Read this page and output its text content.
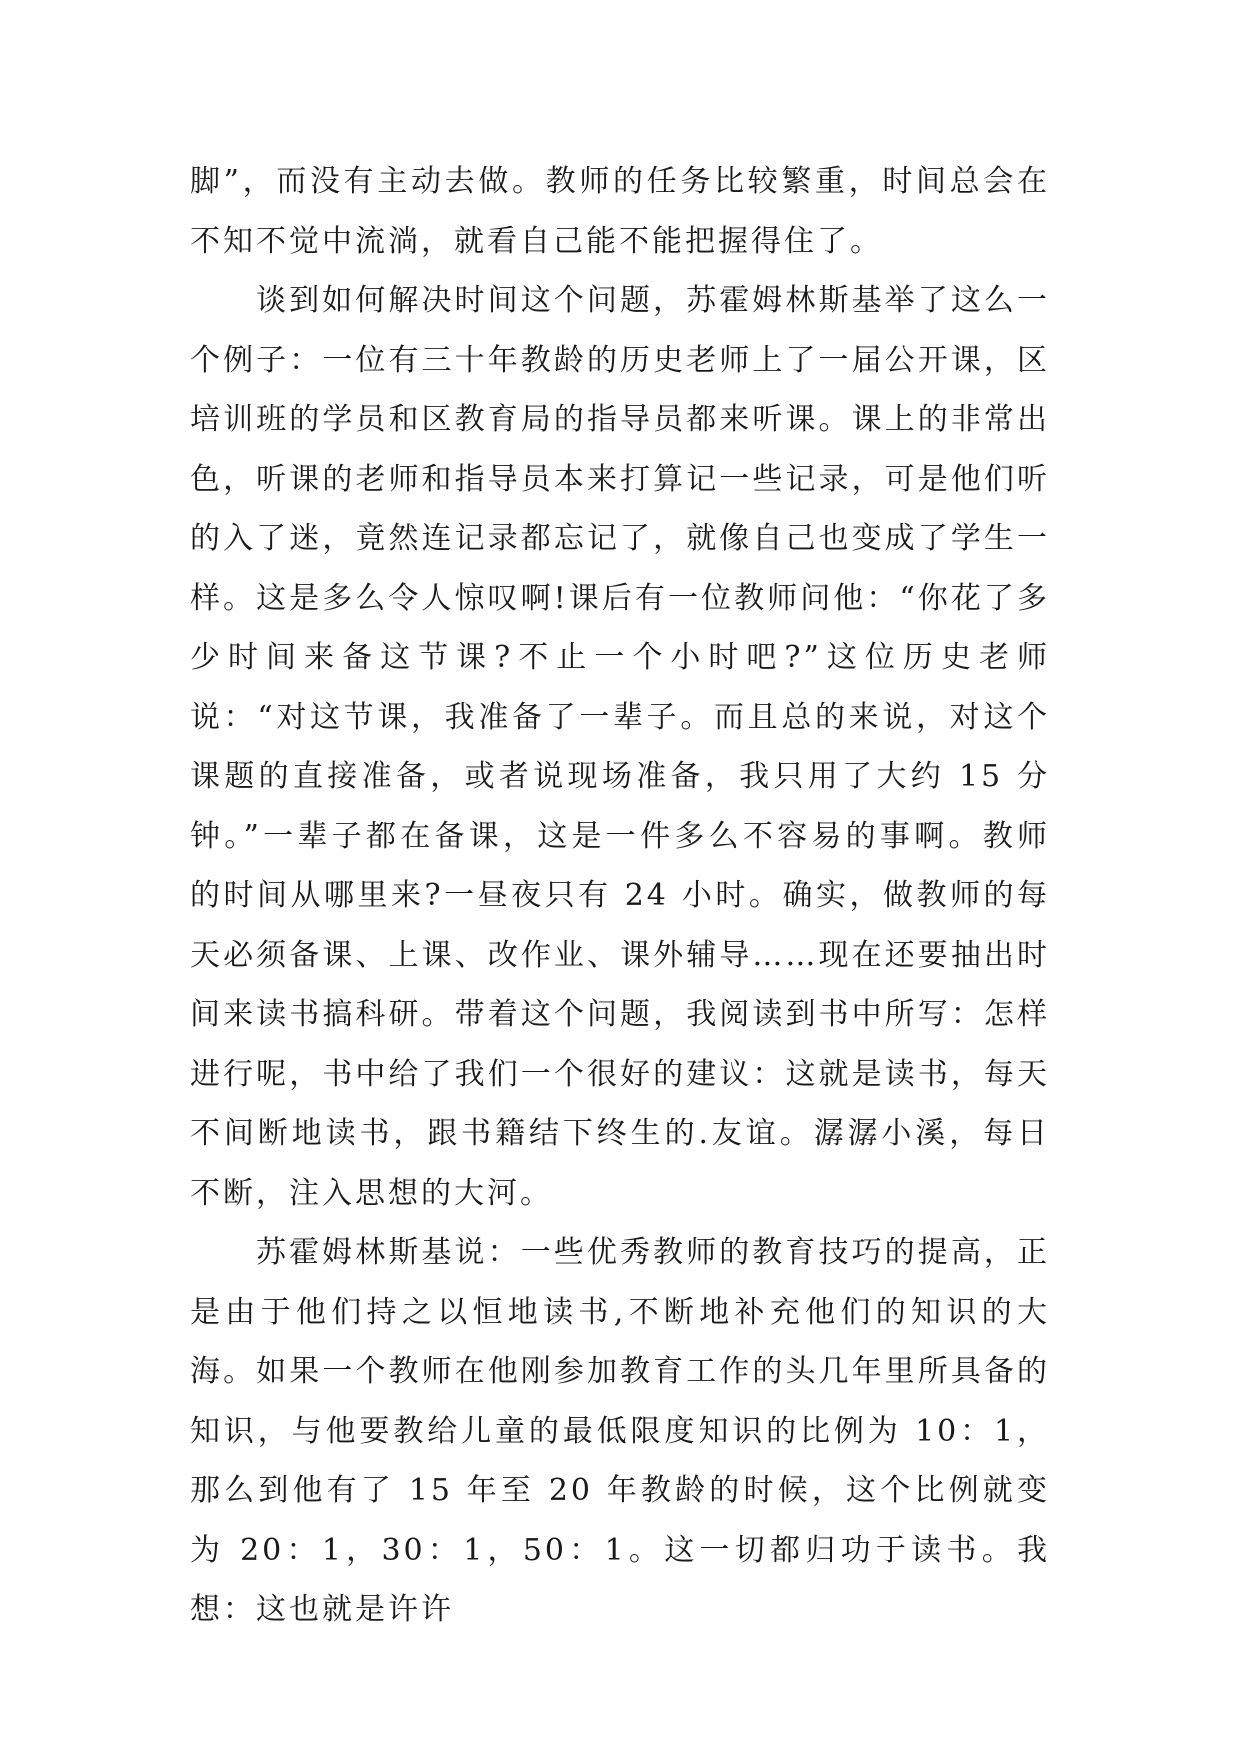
脚”，而没有主动去做。教师的任务比较繁重，时间总会在不知不觉中流淌，就看自己能不能把握得住了。

谈到如何解决时间这个问题，苏霍姆林斯基举了这么一个例子：一位有三十年教龄的历史老师上了一届公开课，区培训班的学员和区教育局的指导员都来听课。课上的非常出色，听课的老师和指导员本来打算记一些记录，可是他们听的入了迷，竟然连记录都忘记了，就像自己也变成了学生一样。这是多么令人惊叹啊!课后有一位教师问他：“你花了多少时间来备这节课?不止一个小时吧?”这位历史老师说：“对这节课，我准备了一辈子。而且总的来说，对这个课题的直接准备，或者说现场准备，我只用了大约 15 分钟。”一辈子都在备课，这是一件多么不容易的事啊。教师的时间从哪里来?一昼夜只有 24 小时。确实，做教师的每天必须备课、上课、改作业、课外辅导……现在还要抽出时间来读书搞科研。带着这个问题，我阅读到书中所写：怎样进行呢，书中给了我们一个很好的建议：这就是读书，每天不间断地读书，跟书籍结下终生的.友谊。潺潺小溪，每日不断，注入思想的大河。

苏霍姆林斯基说：一些优秀教师的教育技巧的提高，正是由于他们持之以恒地读书,不断地补充他们的知识的大海。如果一个教师在他刚参加教育工作的头几年里所具备的知识，与他要教给儿童的最低限度知识的比例为 10：1，那么到他有了 15 年至 20 年教龄的时候，这个比例就变为 20：1，30：1，50：1。这一切都归功于读书。我想：这也就是许许
